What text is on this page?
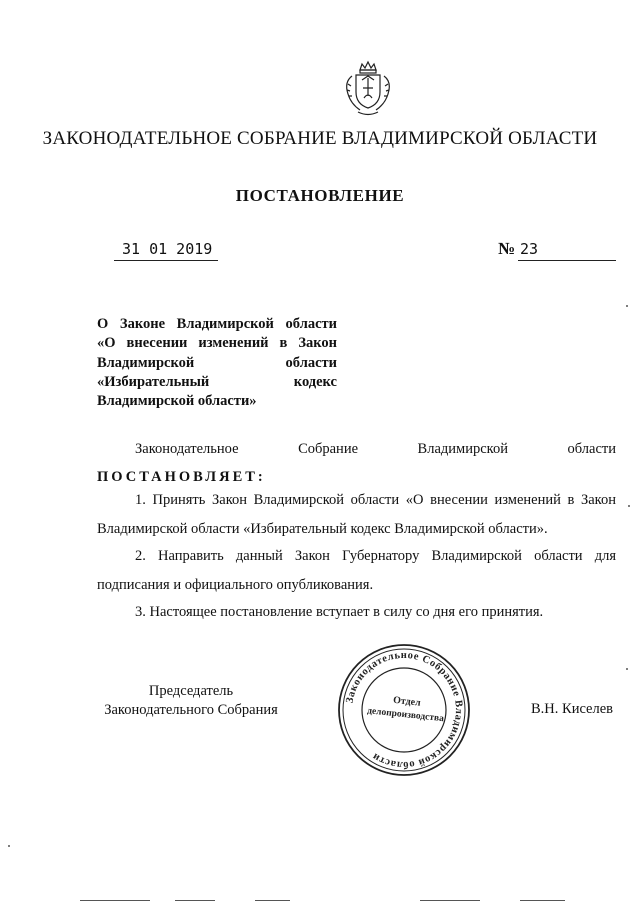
ЗАКОНОДАТЕЛЬНОЕ СОБРАНИЕ ВЛАДИМИРСКОЙ ОБЛАСТИ
ПОСТАНОВЛЕНИЕ
31 01 2019	№ 23
О Законе Владимирской области
«О внесении изменений в Закон
Владимирской области
«Избирательный кодекс
Владимирской области»
Законодательное Собрание Владимирской области
ПОСТАНОВЛЯЕТ:
1. Принять Закон Владимирской области «О внесении изменений в Закон Владимирской области «Избирательный кодекс Владимирской области».
2. Направить данный Закон Губернатору Владимирской области для подписания и официального опубликования.
3. Настоящее постановление вступает в силу со дня его принятия.
Председатель
Законодательного Собрания	В.Н. Киселев
Законодательное Собрание Владимирской области
Отдел
делопроизводства
